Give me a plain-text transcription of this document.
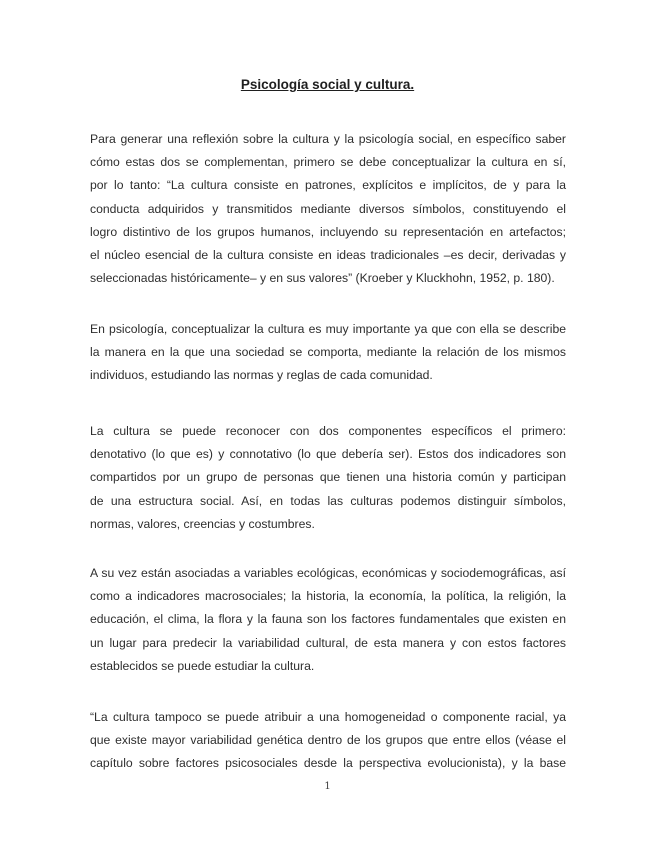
Psicología social y cultura.

Para generar una reflexión sobre la cultura y la psicología social, en específico saber
cómo estas dos se complementan, primero se debe conceptualizar la cultura en sí,
por lo tanto: “La cultura consiste en patrones, explícitos e implícitos, de y para la
conducta adquiridos y transmitidos mediante diversos símbolos, constituyendo el
logro distintivo de los grupos humanos, incluyendo su representación en artefactos;
el núcleo esencial de la cultura consiste en ideas tradicionales –es decir, derivadas y
seleccionadas históricamente– y en sus valores” (Kroeber y Kluckhohn, 1952, p. 180).

En psicología, conceptualizar la cultura es muy importante ya que con ella se describe
la manera en la que una sociedad se comporta, mediante la relación de los mismos
individuos, estudiando las normas y reglas de cada comunidad.

La cultura se puede reconocer con dos componentes específicos el primero:
denotativo (lo que es) y connotativo (lo que debería ser). Estos dos indicadores son
compartidos por un grupo de personas que tienen una historia común y participan
de una estructura social. Así, en todas las culturas podemos distinguir símbolos,
normas, valores, creencias y costumbres.

A su vez están asociadas a variables ecológicas, económicas y sociodemográficas, así
como a indicadores macrosociales; la historia, la economía, la política, la religión, la
educación, el clima, la flora y la fauna son los factores fundamentales que existen en
un lugar para predecir la variabilidad cultural, de esta manera y con estos factores
establecidos se puede estudiar la cultura.

“La cultura tampoco se puede atribuir a una homogeneidad o componente racial, ya
que existe mayor variabilidad genética dentro de los grupos que entre ellos (véase el
capítulo sobre factores psicosociales desde la perspectiva evolucionista), y la base

1
